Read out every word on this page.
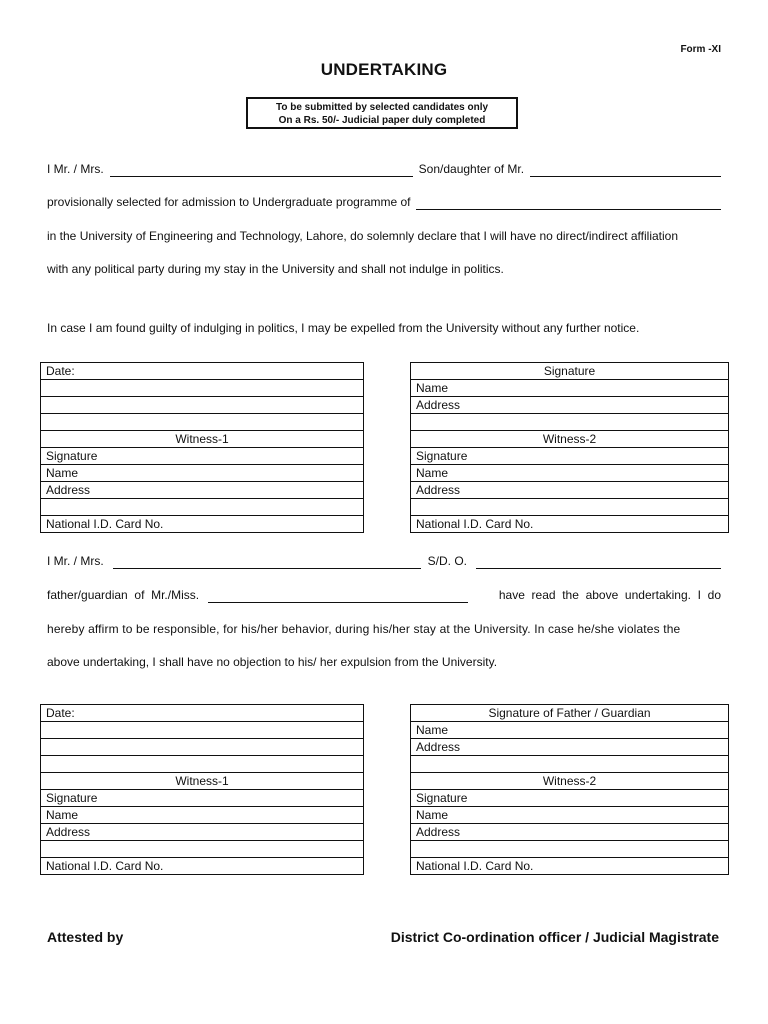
Form -XI
UNDERTAKING
To be submitted by selected candidates only
On a Rs. 50/- Judicial paper duly completed
I Mr. / Mrs.	Son/daughter of Mr.
provisionally selected for admission to Undergraduate programme of
in the University of Engineering and Technology, Lahore, do solemnly declare that I will have no direct/indirect affiliation
with any political party during my stay in the University and shall not indulge in politics.
In case I am found guilty of indulging in politics, I may be expelled from the University without any further notice.
Date:

Witness-1
Signature
Name
Address

National I.D. Card No.
Signature
Name
Address

Witness-2
Signature
Name
Address

National I.D. Card No.
I Mr. / Mrs.	S/D. O.
father/guardian  of  Mr./Miss.	have  read  the  above  undertaking.  I  do
hereby affirm to be responsible, for his/her behavior, during his/her stay at the University. In case he/she violates the
above undertaking, I shall have no objection to his/ her expulsion from the University.
Date:

Witness-1
Signature
Name
Address

National I.D. Card No.
Signature of Father / Guardian
Name
Address

Witness-2
Signature
Name
Address

National I.D. Card No.
Attested by	District Co-ordination officer / Judicial Magistrate
